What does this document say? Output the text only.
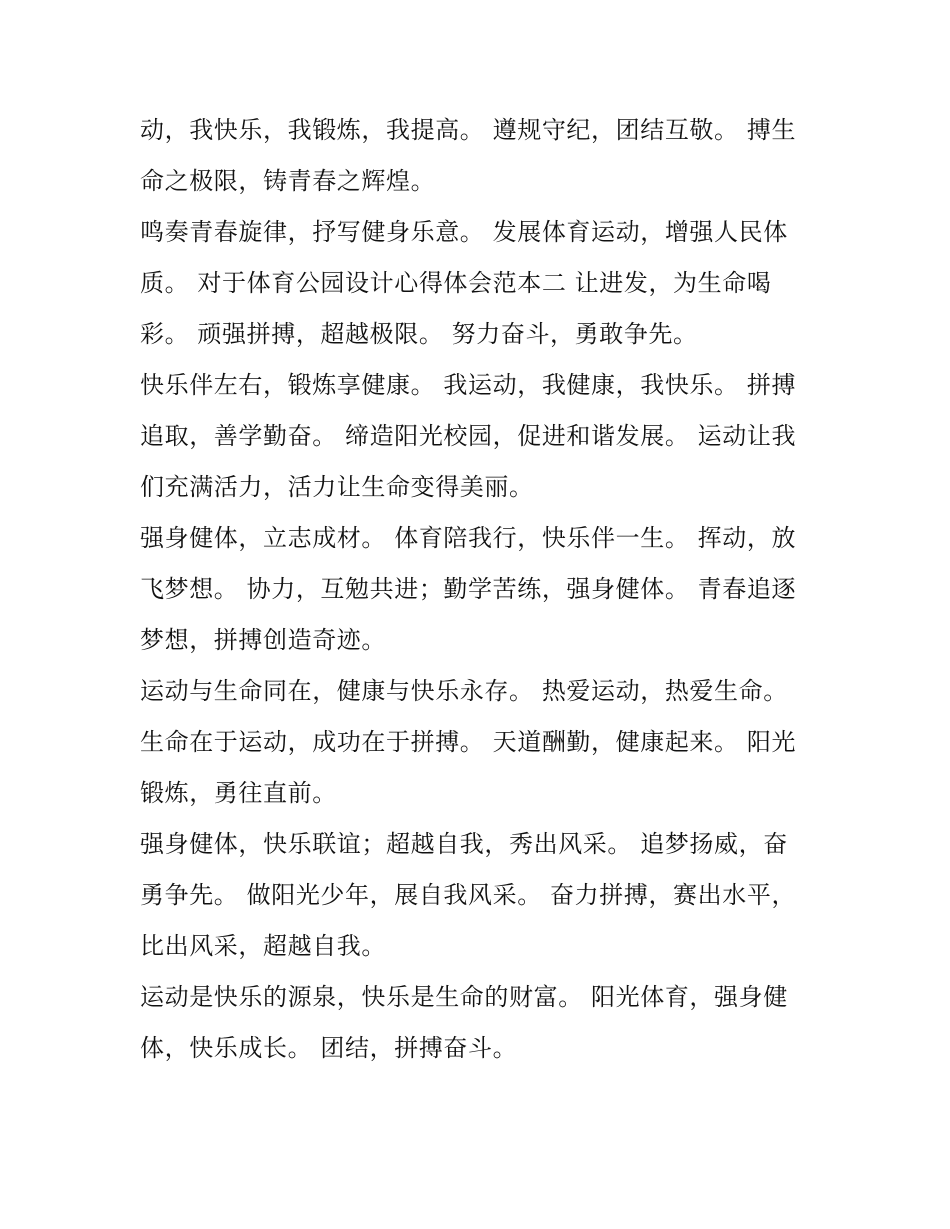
动，我快乐，我锻炼，我提高。 遵规守纪，团结互敬。 搏生
命之极限，铸青春之辉煌。
鸣奏青春旋律，抒写健身乐意。 发展体育运动，增强人民体
质。 对于体育公园设计心得体会范本二 让进发，为生命喝
彩。 顽强拼搏，超越极限。 努力奋斗，勇敢争先。
快乐伴左右，锻炼享健康。 我运动，我健康，我快乐。 拼搏
追取，善学勤奋。 缔造阳光校园，促进和谐发展。 运动让我
们充满活力，活力让生命变得美丽。
强身健体，立志成材。 体育陪我行，快乐伴一生。 挥动，放
飞梦想。 协力，互勉共进；勤学苦练，强身健体。 青春追逐
梦想，拼搏创造奇迹。
运动与生命同在，健康与快乐永存。 热爱运动，热爱生命。
生命在于运动，成功在于拼搏。 天道酬勤，健康起来。 阳光
锻炼，勇往直前。
强身健体，快乐联谊；超越自我，秀出风采。 追梦扬威，奋
勇争先。 做阳光少年，展自我风采。 奋力拼搏，赛出水平，
比出风采，超越自我。
运动是快乐的源泉，快乐是生命的财富。 阳光体育，强身健
体，快乐成长。 团结，拼搏奋斗。
